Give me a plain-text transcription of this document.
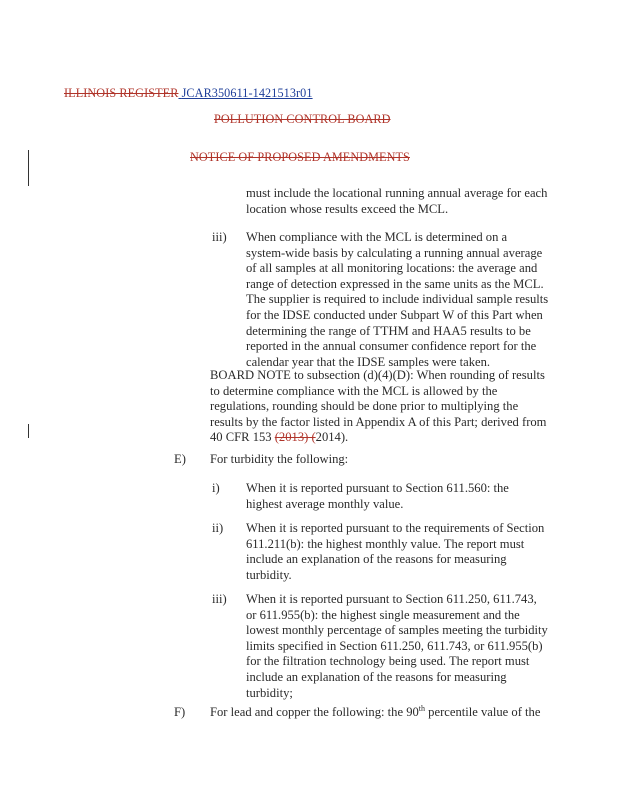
ILLINOIS REGISTER JCAR350611-1421513r01
POLLUTION CONTROL BOARD
NOTICE OF PROPOSED AMENDMENTS
must include the locational running annual average for each
location whose results exceed the MCL.
iii) When compliance with the MCL is determined on a
system-wide basis by calculating a running annual average
of all samples at all monitoring locations: the average and
range of detection expressed in the same units as the MCL.
The supplier is required to include individual sample results
for the IDSE conducted under Subpart W of this Part when
determining the range of TTHM and HAA5 results to be
reported in the annual consumer confidence report for the
calendar year that the IDSE samples were taken.
BOARD NOTE to subsection (d)(4)(D): When rounding of results
to determine compliance with the MCL is allowed by the
regulations, rounding should be done prior to multiplying the
results by the factor listed in Appendix A of this Part; derived from
40 CFR 153 (2013) (2014).
E) For turbidity the following:
i) When it is reported pursuant to Section 611.560: the
highest average monthly value.
ii) When it is reported pursuant to the requirements of Section
611.211(b): the highest monthly value. The report must
include an explanation of the reasons for measuring
turbidity.
iii) When it is reported pursuant to Section 611.250, 611.743,
or 611.955(b): the highest single measurement and the
lowest monthly percentage of samples meeting the turbidity
limits specified in Section 611.250, 611.743, or 611.955(b)
for the filtration technology being used. The report must
include an explanation of the reasons for measuring
turbidity;
F) For lead and copper the following: the 90th percentile value of the
